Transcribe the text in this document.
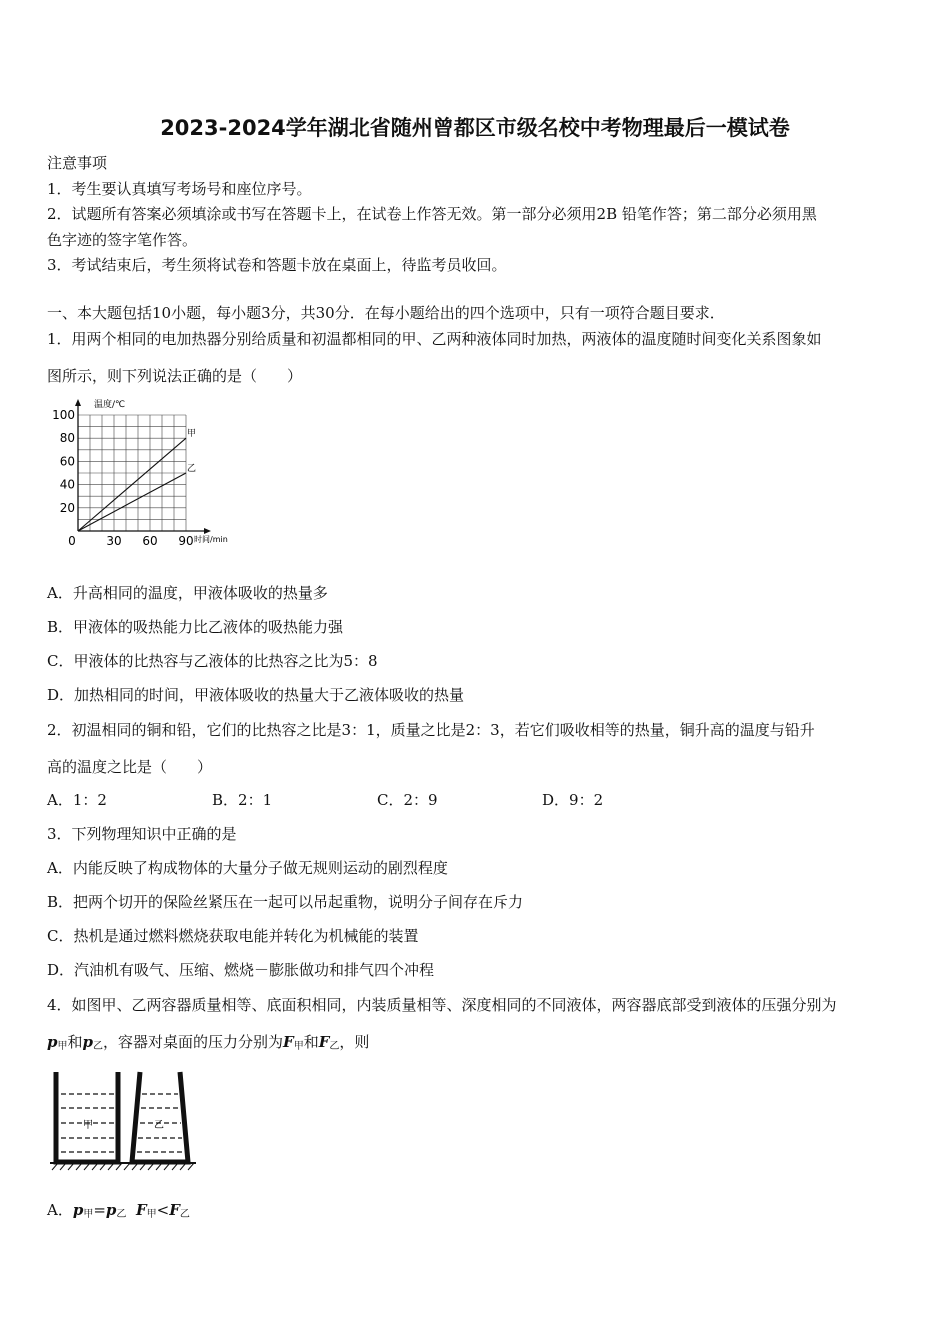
2023-2024学年湖北省随州曾都区市级名校中考物理最后一模试卷
注意事项
1．考生要认真填写考场号和座位序号。
2．试题所有答案必须填涂或书写在答题卡上，在试卷上作答无效。第一部分必须用2B 铅笔作答；第二部分必须用黑
色字迹的签字笔作答。
3．考试结束后，考生须将试卷和答题卡放在桌面上，待监考员收回。
一、本大题包括10小题，每小题3分，共30分．在每小题给出的四个选项中，只有一项符合题目要求．
1．用两个相同的电加热器分别给质量和初温都相同的甲、乙两种液体同时加热，两液体的温度随时间变化关系图象如
图所示，则下列说法正确的是（　　）
温度/℃
时间/min
20
40
60
80
100
0	30 60 90
甲
乙
A．升高相同的温度，甲液体吸收的热量多
B．甲液体的吸热能力比乙液体的吸热能力强
C．甲液体的比热容与乙液体的比热容之比为5：8
D．加热相同的时间，甲液体吸收的热量大于乙液体吸收的热量
2．初温相同的铜和铅，它们的比热容之比是3：1，质量之比是2：3，若它们吸收相等的热量，铜升高的温度与铅升
高的温度之比是（　　）
A．1：2	B．2：1	C．2：9	D．9：2
3．下列物理知识中正确的是
A．内能反映了构成物体的大量分子做无规则运动的剧烈程度
B．把两个切开的保险丝紧压在一起可以吊起重物，说明分子间存在斥力
C．热机是通过燃料燃烧获取电能并转化为机械能的装置
D．汽油机有吸气、压缩、燃烧－膨胀做功和排气四个冲程
4．如图甲、乙两容器质量相等、底面积相同，内装质量相等、深度相同的不同液体，两容器底部受到液体的压强分别为
$p_甲$和$p_乙$，容器对桌面的压力分别为$F_甲$和$F_乙$，则
甲	乙
A．$p_甲=p_乙$ $F_甲<F_乙$
